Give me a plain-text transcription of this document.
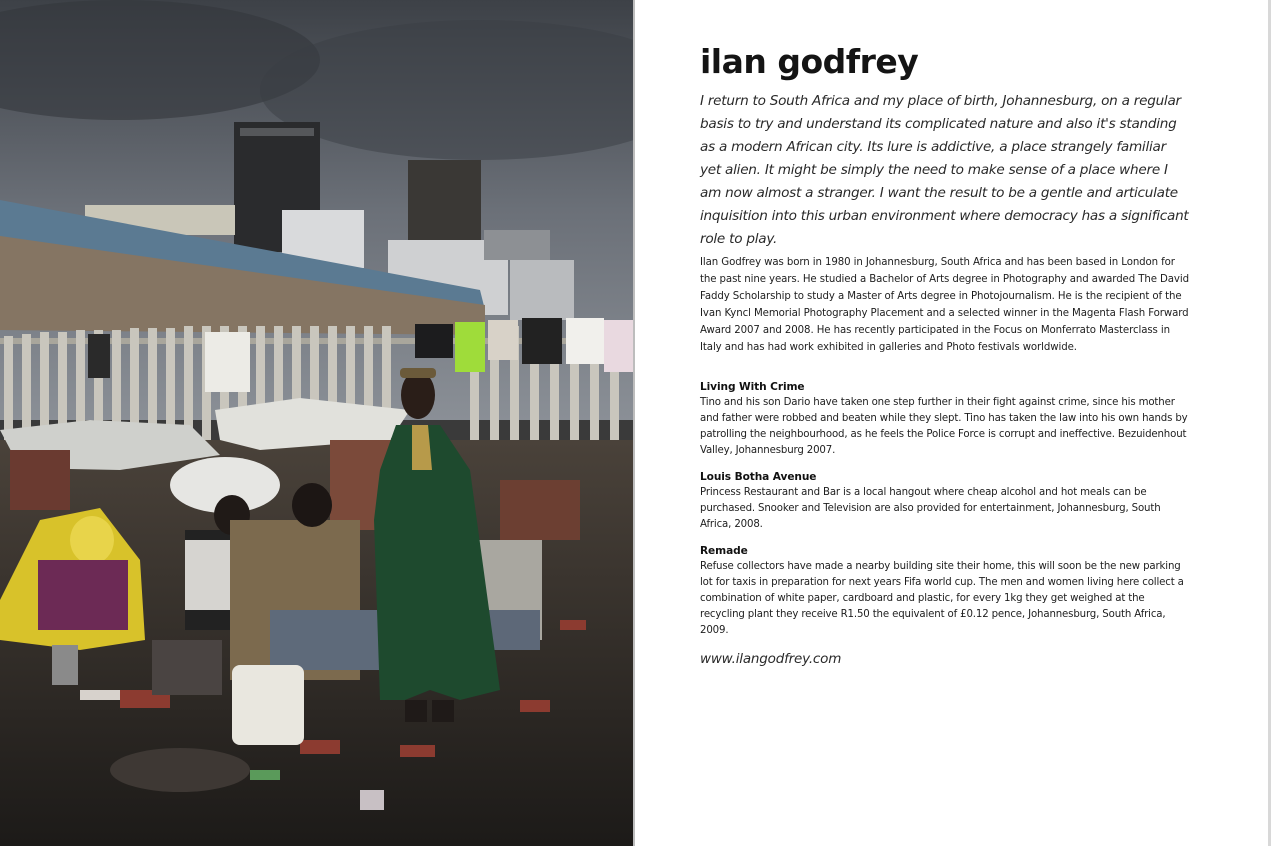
ilan godfrey

I return to South Africa and my place of birth, Johannesburg, on a regular basis to try and understand its complicated nature and also it's standing as a modern African city. Its lure is addictive, a place strangely familiar yet alien. It might be simply the need to make sense of a place where I am now almost a stranger. I want the result to be a gentle and articulate inquisition into this urban environment where democracy has a significant role to play.

Ilan Godfrey was born in 1980 in Johannesburg, South Africa and has been based in London for the past nine years. He studied a Bachelor of Arts degree in Photography and awarded The David Faddy Scholarship to study a Master of Arts degree in Photojournalism. He is the recipient of the Ivan Kyncl Memorial Photography Placement and a selected winner in the Magenta Flash Forward Award 2007 and 2008. He has recently participated in the Focus on Monferrato Masterclass in Italy and has had work exhibited in galleries and Photo festivals worldwide.

Living With Crime

Tino and his son Dario have taken one step further in their fight against crime, since his mother and father were robbed and beaten while they slept. Tino has taken the law into his own hands by patrolling the neighbourhood, as he feels the Police Force is corrupt and ineffective. Bezuidenhout Valley, Johannesburg 2007.

Louis Botha Avenue

Princess Restaurant and Bar is a local hangout where cheap alcohol and hot meals can be purchased. Snooker and Television are also provided for entertainment, Johannesburg, South Africa, 2008.

Remade

Refuse collectors have made a nearby building site their home, this will soon be the new parking lot for taxis in preparation for next years Fifa world cup. The men and women living here collect a combination of white paper, cardboard and plastic, for every 1kg they get weighed at the recycling plant they receive R1.50 the equivalent of £0.12 pence, Johannesburg, South Africa, 2009.

www.ilangodfrey.com
